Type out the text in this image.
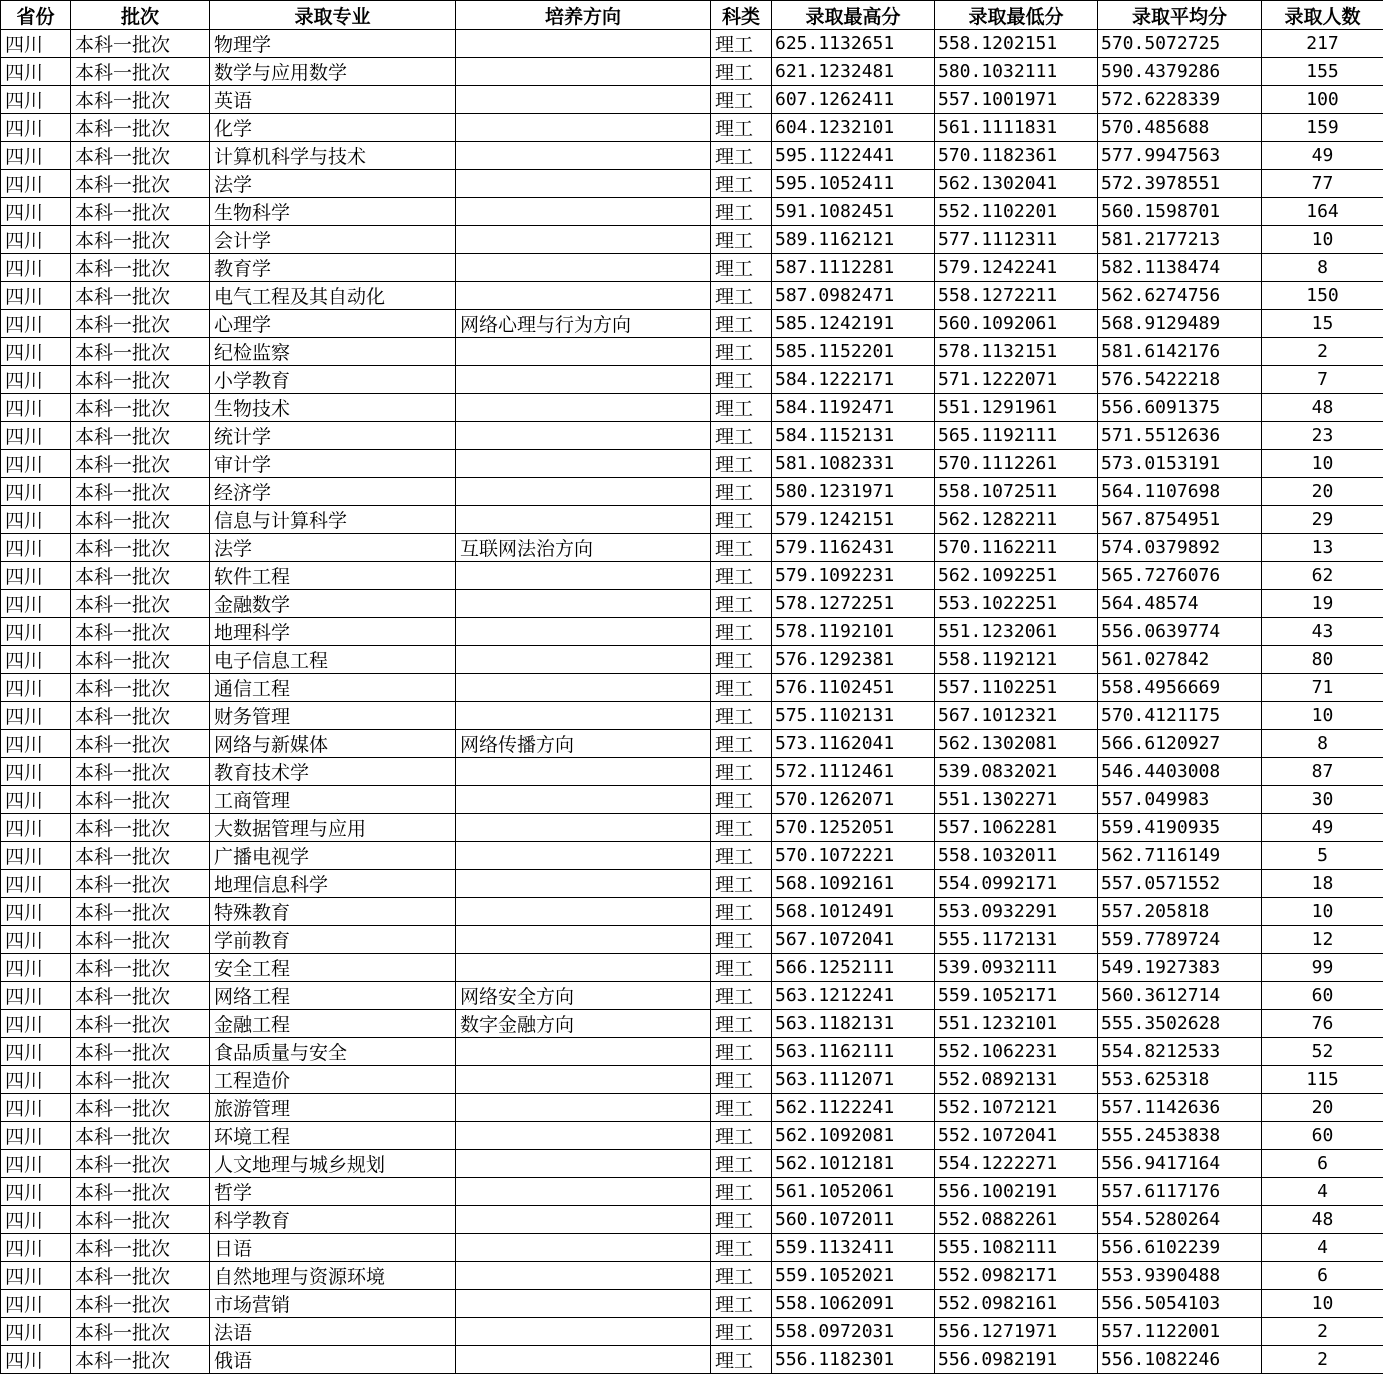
省份	批次	录取专业	培养方向	科类	录取最高分	录取最低分	录取平均分	录取人数
四川	本科一批次	物理学		理工	625.1132651	558.1202151	570.5072725	217
四川	本科一批次	数学与应用数学		理工	621.1232481	580.1032111	590.4379286	155
四川	本科一批次	英语		理工	607.1262411	557.1001971	572.6228339	100
四川	本科一批次	化学		理工	604.1232101	561.1111831	570.485688	159
四川	本科一批次	计算机科学与技术		理工	595.1122441	570.1182361	577.9947563	49
四川	本科一批次	法学		理工	595.1052411	562.1302041	572.3978551	77
四川	本科一批次	生物科学		理工	591.1082451	552.1102201	560.1598701	164
四川	本科一批次	会计学		理工	589.1162121	577.1112311	581.2177213	10
四川	本科一批次	教育学		理工	587.1112281	579.1242241	582.1138474	8
四川	本科一批次	电气工程及其自动化		理工	587.0982471	558.1272211	562.6274756	150
四川	本科一批次	心理学	网络心理与行为方向	理工	585.1242191	560.1092061	568.9129489	15
四川	本科一批次	纪检监察		理工	585.1152201	578.1132151	581.6142176	2
四川	本科一批次	小学教育		理工	584.1222171	571.1222071	576.5422218	7
四川	本科一批次	生物技术		理工	584.1192471	551.1291961	556.6091375	48
四川	本科一批次	统计学		理工	584.1152131	565.1192111	571.5512636	23
四川	本科一批次	审计学		理工	581.1082331	570.1112261	573.0153191	10
四川	本科一批次	经济学		理工	580.1231971	558.1072511	564.1107698	20
四川	本科一批次	信息与计算科学		理工	579.1242151	562.1282211	567.8754951	29
四川	本科一批次	法学	互联网法治方向	理工	579.1162431	570.1162211	574.0379892	13
四川	本科一批次	软件工程		理工	579.1092231	562.1092251	565.7276076	62
四川	本科一批次	金融数学		理工	578.1272251	553.1022251	564.48574	19
四川	本科一批次	地理科学		理工	578.1192101	551.1232061	556.0639774	43
四川	本科一批次	电子信息工程		理工	576.1292381	558.1192121	561.027842	80
四川	本科一批次	通信工程		理工	576.1102451	557.1102251	558.4956669	71
四川	本科一批次	财务管理		理工	575.1102131	567.1012321	570.4121175	10
四川	本科一批次	网络与新媒体	网络传播方向	理工	573.1162041	562.1302081	566.6120927	8
四川	本科一批次	教育技术学		理工	572.1112461	539.0832021	546.4403008	87
四川	本科一批次	工商管理		理工	570.1262071	551.1302271	557.049983	30
四川	本科一批次	大数据管理与应用		理工	570.1252051	557.1062281	559.4190935	49
四川	本科一批次	广播电视学		理工	570.1072221	558.1032011	562.7116149	5
四川	本科一批次	地理信息科学		理工	568.1092161	554.0992171	557.0571552	18
四川	本科一批次	特殊教育		理工	568.1012491	553.0932291	557.205818	10
四川	本科一批次	学前教育		理工	567.1072041	555.1172131	559.7789724	12
四川	本科一批次	安全工程		理工	566.1252111	539.0932111	549.1927383	99
四川	本科一批次	网络工程	网络安全方向	理工	563.1212241	559.1052171	560.3612714	60
四川	本科一批次	金融工程	数字金融方向	理工	563.1182131	551.1232101	555.3502628	76
四川	本科一批次	食品质量与安全		理工	563.1162111	552.1062231	554.8212533	52
四川	本科一批次	工程造价		理工	563.1112071	552.0892131	553.625318	115
四川	本科一批次	旅游管理		理工	562.1122241	552.1072121	557.1142636	20
四川	本科一批次	环境工程		理工	562.1092081	552.1072041	555.2453838	60
四川	本科一批次	人文地理与城乡规划		理工	562.1012181	554.1222271	556.9417164	6
四川	本科一批次	哲学		理工	561.1052061	556.1002191	557.6117176	4
四川	本科一批次	科学教育		理工	560.1072011	552.0882261	554.5280264	48
四川	本科一批次	日语		理工	559.1132411	555.1082111	556.6102239	4
四川	本科一批次	自然地理与资源环境		理工	559.1052021	552.0982171	553.9390488	6
四川	本科一批次	市场营销		理工	558.1062091	552.0982161	556.5054103	10
四川	本科一批次	法语		理工	558.0972031	556.1271971	557.1122001	2
四川	本科一批次	俄语		理工	556.1182301	556.0982191	556.1082246	2
